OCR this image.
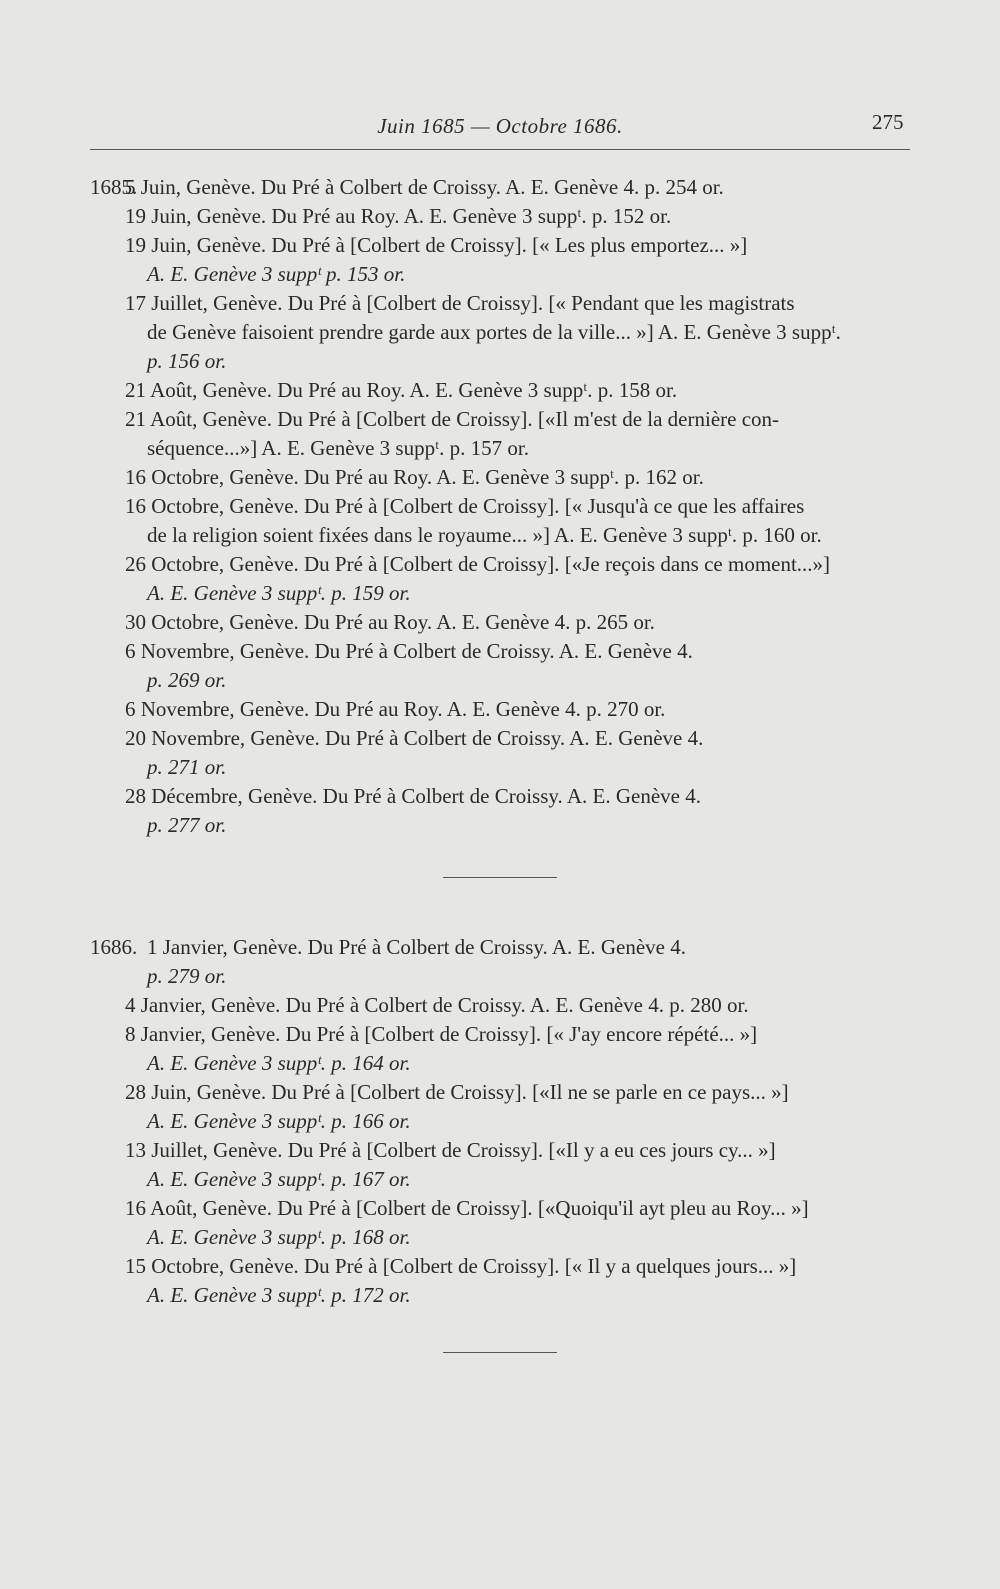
Juin 1685 — Octobre 1686.	275
1685.
5 Juin, Genève. Du Pré à Colbert de Croissy. A. E. Genève 4. p. 254 or.
19 Juin, Genève. Du Pré au Roy. A. E. Genève 3 suppᵗ. p. 152 or.
19 Juin, Genève. Du Pré à [Colbert de Croissy]. [« Les plus emportez... »]
A. E. Genève 3 suppᵗ p. 153 or.
17 Juillet, Genève. Du Pré à [Colbert de Croissy]. [« Pendant que les magistrats
de Genève faisoient prendre garde aux portes de la ville... »] A. E. Genève 3 suppᵗ.
p. 156 or.
21 Août, Genève. Du Pré au Roy. A. E. Genève 3 suppᵗ. p. 158 or.
21 Août, Genève. Du Pré à [Colbert de Croissy]. [«Il m'est de la dernière con-
séquence...»] A. E. Genève 3 suppᵗ. p. 157 or.
16 Octobre, Genève. Du Pré au Roy. A. E. Genève 3 suppᵗ. p. 162 or.
16 Octobre, Genève. Du Pré à [Colbert de Croissy]. [« Jusqu'à ce que les affaires
de la religion soient fixées dans le royaume... »] A. E. Genève 3 suppᵗ. p. 160 or.
26 Octobre, Genève. Du Pré à [Colbert de Croissy]. [«Je reçois dans ce moment...»]
A. E. Genève 3 suppᵗ. p. 159 or.
30 Octobre, Genève. Du Pré au Roy. A. E. Genève 4. p. 265 or.
6 Novembre, Genève. Du Pré à Colbert de Croissy. A. E. Genève 4.
p. 269 or.
6 Novembre, Genève. Du Pré au Roy. A. E. Genève 4. p. 270 or.
20 Novembre, Genève. Du Pré à Colbert de Croissy. A. E. Genève 4.
p. 271 or.
28 Décembre, Genève. Du Pré à Colbert de Croissy. A. E. Genève 4.
p. 277 or.
1686. 1 Janvier, Genève. Du Pré à Colbert de Croissy. A. E. Genève 4.
p. 279 or.
4 Janvier, Genève. Du Pré à Colbert de Croissy. A. E. Genève 4. p. 280 or.
8 Janvier, Genève. Du Pré à [Colbert de Croissy]. [« J'ay encore répété... »]
A. E. Genève 3 suppᵗ. p. 164 or.
28 Juin, Genève. Du Pré à [Colbert de Croissy]. [«Il ne se parle en ce pays... »]
A. E. Genève 3 suppᵗ. p. 166 or.
13 Juillet, Genève. Du Pré à [Colbert de Croissy]. [«Il y a eu ces jours cy... »]
A. E. Genève 3 suppᵗ. p. 167 or.
16 Août, Genève. Du Pré à [Colbert de Croissy]. [«Quoiqu'il ayt pleu au Roy... »]
A. E. Genève 3 suppᵗ. p. 168 or.
15 Octobre, Genève. Du Pré à [Colbert de Croissy]. [« Il y a quelques jours... »]
A. E. Genève 3 suppᵗ. p. 172 or.
